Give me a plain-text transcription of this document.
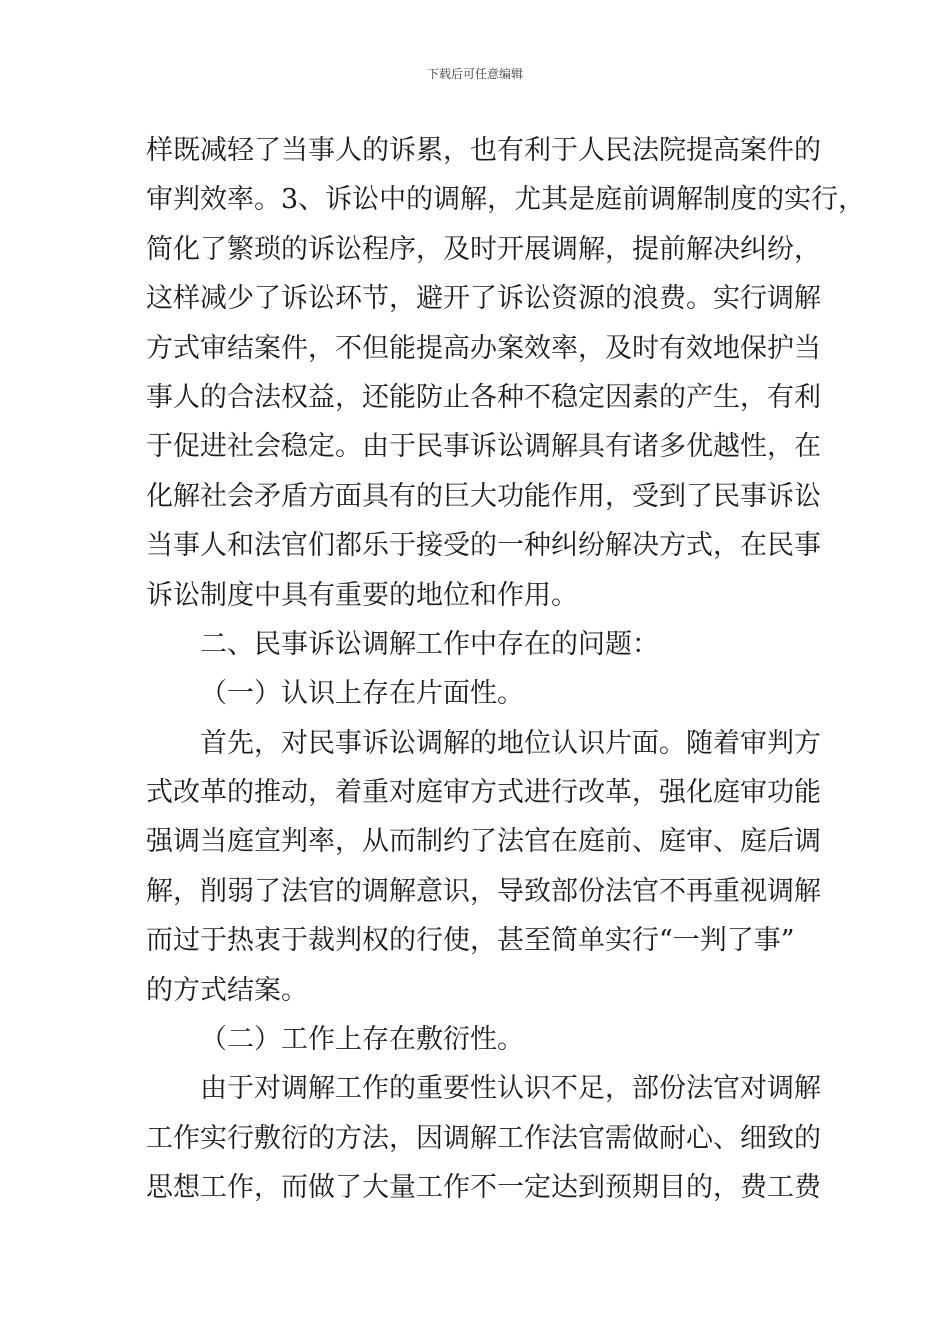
下载后可任意编辑
样既减轻了当事人的诉累，也有利于人民法院提高案件的
审判效率。3、诉讼中的调解，尤其是庭前调解制度的实行，
简化了繁琐的诉讼程序，及时开展调解，提前解决纠纷，
这样减少了诉讼环节，避开了诉讼资源的浪费。实行调解
方式审结案件，不但能提高办案效率，及时有效地保护当
事人的合法权益，还能防止各种不稳定因素的产生，有利
于促进社会稳定。由于民事诉讼调解具有诸多优越性，在
化解社会矛盾方面具有的巨大功能作用，受到了民事诉讼
当事人和法官们都乐于接受的一种纠纷解决方式，在民事
诉讼制度中具有重要的地位和作用。
二、民事诉讼调解工作中存在的问题：
（一）认识上存在片面性。
首先，对民事诉讼调解的地位认识片面。随着审判方
式改革的推动，着重对庭审方式进行改革，强化庭审功能
强调当庭宣判率，从而制约了法官在庭前、庭审、庭后调
解，削弱了法官的调解意识，导致部份法官不再重视调解
而过于热衷于裁判权的行使，甚至简单实行“一判了事”
的方式结案。
（二）工作上存在敷衍性。
由于对调解工作的重要性认识不足，部份法官对调解
工作实行敷衍的方法，因调解工作法官需做耐心、细致的
思想工作，而做了大量工作不一定达到预期目的，费工费
